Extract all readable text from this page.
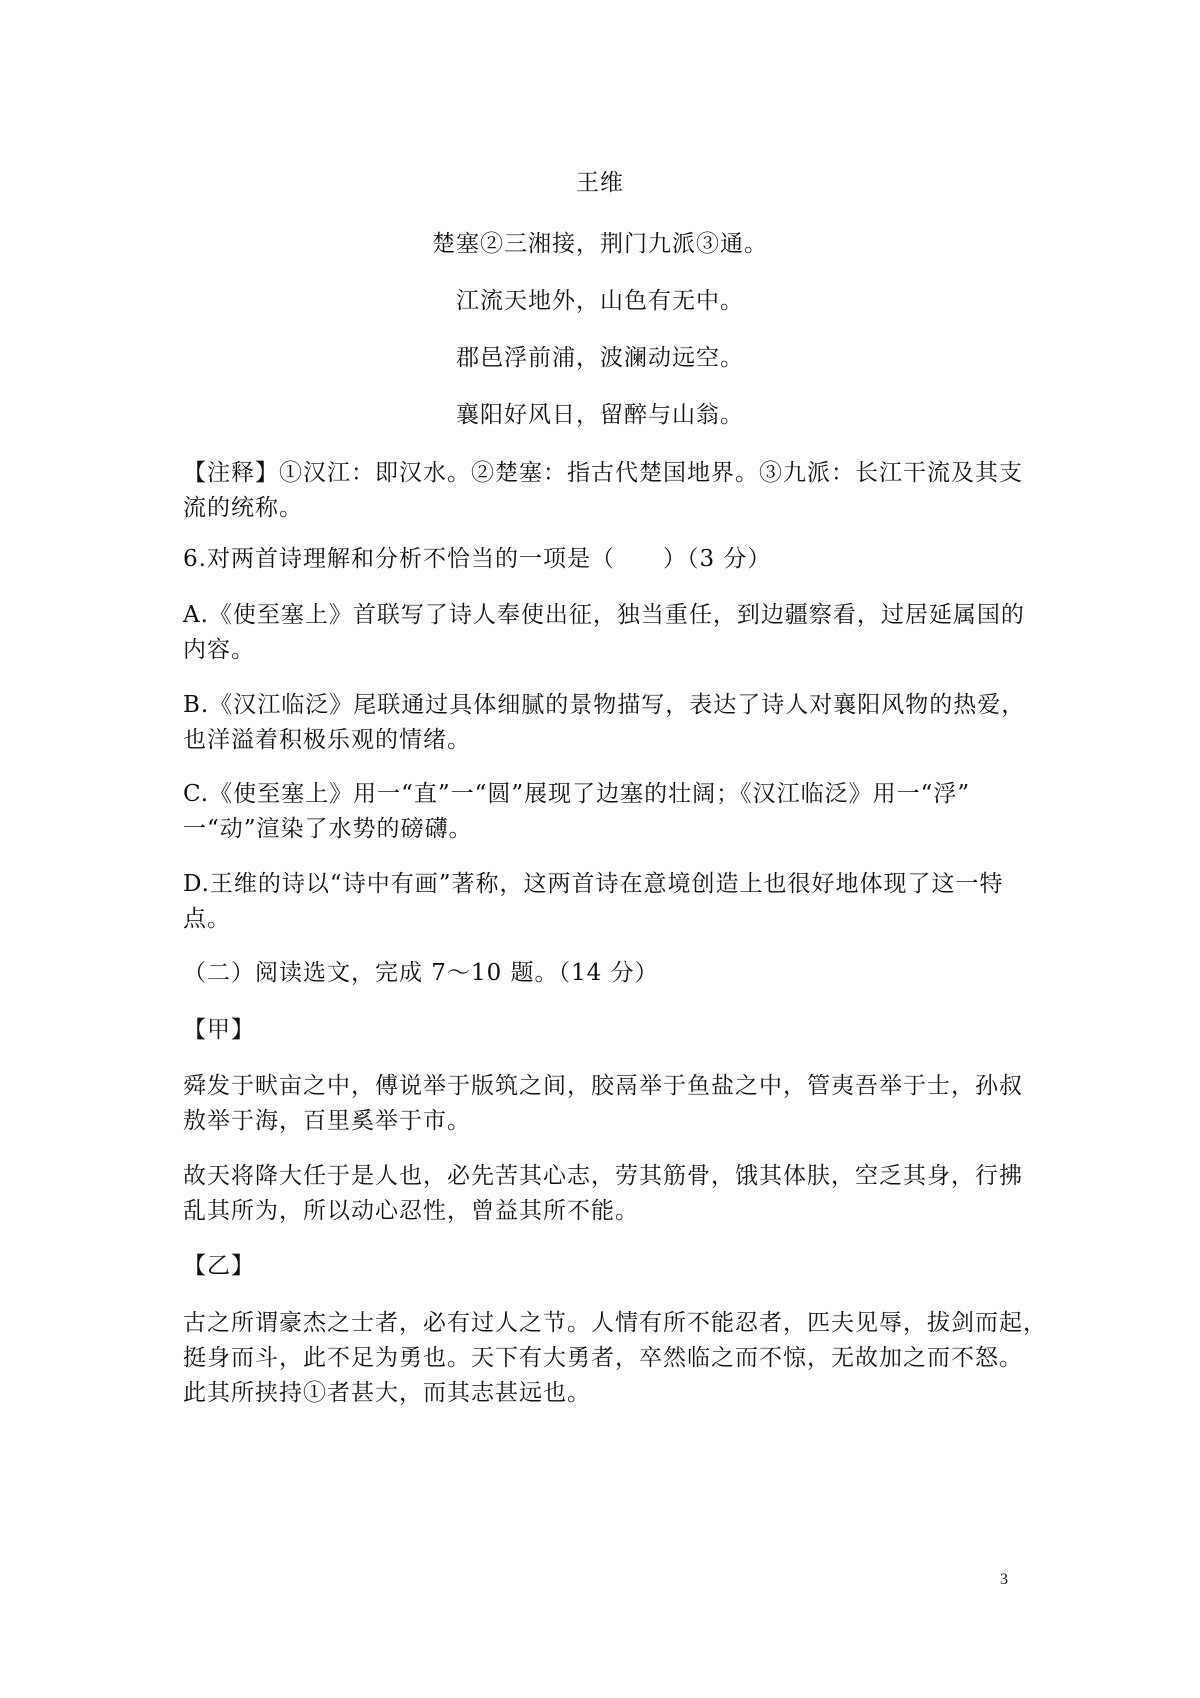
王维
楚塞②三湘接，荆门九派③通。
江流天地外，山色有无中。
郡邑浮前浦，波澜动远空。
襄阳好风日，留醉与山翁。
【注释】①汉江：即汉水。②楚塞：指古代楚国地界。③九派：长江干流及其支
流的统称。
6.对两首诗理解和分析不恰当的一项是（　　）（3 分）
A.《使至塞上》首联写了诗人奉使出征，独当重任，到边疆察看，过居延属国的
内容。
B.《汉江临泛》尾联通过具体细腻的景物描写，表达了诗人对襄阳风物的热爱，
也洋溢着积极乐观的情绪。
C.《使至塞上》用一“直”一“圆”展现了边塞的壮阔；《汉江临泛》用一“浮”
一“动”渲染了水势的磅礴。
D.王维的诗以“诗中有画”著称，这两首诗在意境创造上也很好地体现了这一特
点。
（二）阅读选文，完成 7～10 题。（14 分）
【甲】
舜发于畎亩之中，傅说举于版筑之间，胶鬲举于鱼盐之中，管夷吾举于士，孙叔
敖举于海，百里奚举于市。
故天将降大任于是人也，必先苦其心志，劳其筋骨，饿其体肤，空乏其身，行拂
乱其所为，所以动心忍性，曾益其所不能。
【乙】
古之所谓豪杰之士者，必有过人之节。人情有所不能忍者，匹夫见辱，拔剑而起，
挺身而斗，此不足为勇也。天下有大勇者，卒然临之而不惊，无故加之而不怒。
此其所挟持①者甚大，而其志甚远也。
3
